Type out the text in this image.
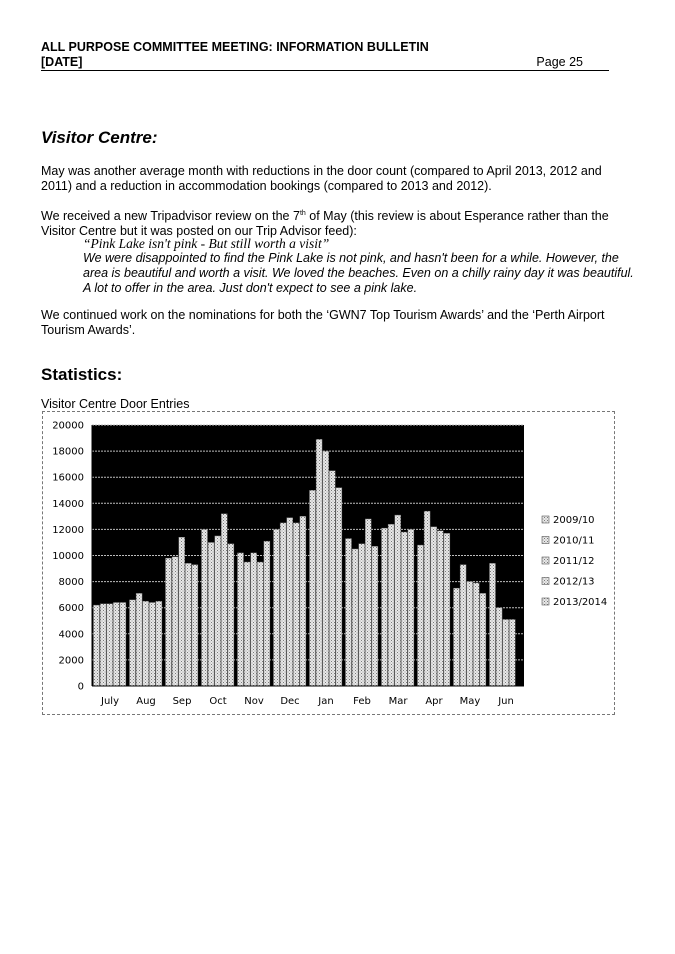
ALL PURPOSE COMMITTEE MEETING: INFORMATION BULLETIN
[DATE]	Page 25
Visitor Centre:
May was another average month with reductions in the door count (compared to April 2013, 2012 and 2011) and a reduction in accommodation bookings (compared to 2013 and 2012).
We received a new Tripadvisor review on the 7th of May (this review is about Esperance rather than the Visitor Centre but it was posted on our Trip Advisor feed):
“Pink Lake isn't pink - But still worth a visit”
We were disappointed to find the Pink Lake is not pink, and hasn't been for a while. However, the area is beautiful and worth a visit. We loved the beaches. Even on a chilly rainy day it was beautiful. A lot to offer in the area. Just don't expect to see a pink lake.
We continued work on the nominations for both the ‘GWN7 Top Tourism Awards’ and the ‘Perth Airport Tourism Awards’.
Statistics:
Visitor Centre Door Entries
0
2000
4000
6000
8000
10000
12000
14000
16000
18000
20000
July Aug Sep Oct Nov Dec Jan Feb Mar Apr May Jun
2009/10
2010/11
2011/12
2012/13
2013/2014
